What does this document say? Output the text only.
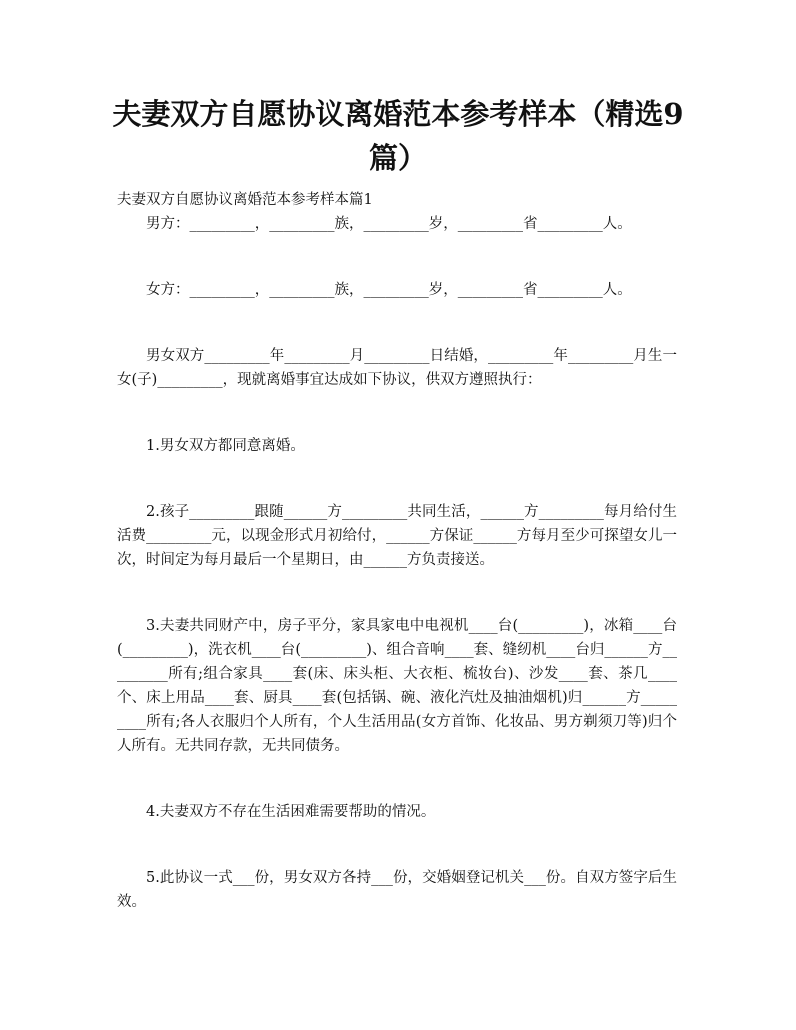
夫妻双方自愿协议离婚范本参考样本（精选9篇）

夫妻双方自愿协议离婚范本参考样本篇1

男方：_________，_________族，_________岁，_________省_________人。

女方：_________，_________族，_________岁，_________省_________人。

男女双方_________年_________月_________日结婚，_________年_________月生一女(子)_________，现就离婚事宜达成如下协议，供双方遵照执行：

1.男女双方都同意离婚。

2.孩子_________跟随______方_________共同生活，______方_________每月给付生活费_________元，以现金形式月初给付，______方保证______方每月至少可探望女儿一次，时间定为每月最后一个星期日，由______方负责接送。

3.夫妻共同财产中，房子平分，家具家电中电视机____台(_________)，冰箱____台(_________)，洗衣机____台(_________)、组合音响____套、缝纫机____台归______方_________所有;组合家具____套(床、床头柜、大衣柜、梳妆台)、沙发____套、茶几____个、床上用品____套、厨具____套(包括锅、碗、液化汽灶及抽油烟机)归______方_________所有;各人衣服归个人所有，个人生活用品(女方首饰、化妆品、男方剃须刀等)归个人所有。无共同存款，无共同债务。

4.夫妻双方不存在生活困难需要帮助的情况。

5.此协议一式___份，男女双方各持___份，交婚姻登记机关___份。自双方签字后生效。
